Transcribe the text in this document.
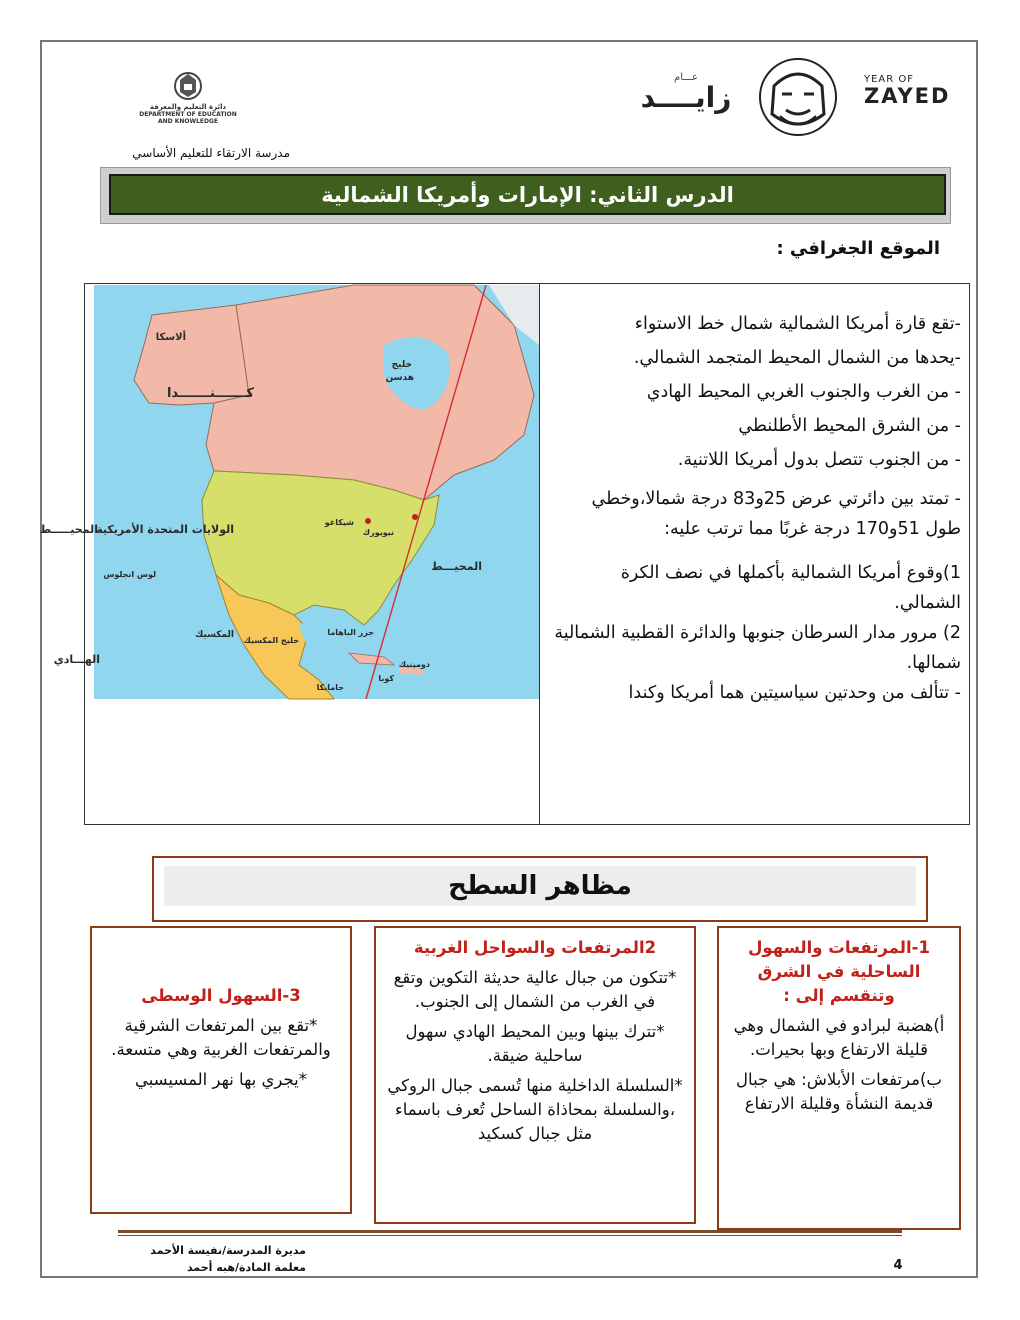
دائرة التعليم والمعرفة
DEPARTMENT OF EDUCATION
AND KNOWLEDGE
YEAR OF
ZAYED
عـــام
زايــــد
مدرسة الارتقاء للتعليم الأساسي
الدرس الثاني: الإمارات وأمريكا الشمالية
الموقع الجغرافي :
ألاسكا
خليج
هدسن
كـــــــنـــــــدا
الولايات المتحدة الأمريكية
شيكاغو
نيويورك
المحيـــــط
الهـــادي
المحيـــط
لوس انجلوس
المكسيك
خليج المكسيك
جزر الباهاما
كوبا
جامايكا
دومينيك

-تقع قارة أمريكا الشمالية شمال خط الاستواء

-يحدها من الشمال المحيط المتجمد الشمالي.

- من الغرب والجنوب الغربي المحيط الهادي

- من الشرق المحيط الأطلنطي

- من الجنوب تتصل بدول أمريكا اللاتنية.

- تمتد بين دائرتي عرض 25و83 درجة شمالا،وخطي طول 51و170 درجة غربًا مما ترتب عليه:

1)وقوع أمريكا الشمالية بأكملها في نصف الكرة الشمالي.

2) مرور مدار السرطان جنوبها والدائرة القطبية الشمالية شمالها.

- تتألف من وحدتين سياسيتين هما أمريكا وكندا

مظاهر السطح

1-المرتفعات والسهول الساحلية في الشرق وتنقسم إلى :

أ)هضبة لبرادو في الشمال وهي قليلة الارتفاع وبها بحيرات.

ب)مرتفعات الأبلاش: هي جبال قديمة النشأة وقليلة الارتفاع

2المرتفعات والسواحل الغربية

*تتكون من جبال عالية حديثة التكوين وتقع في الغرب من الشمال إلى الجنوب.

*تترك بينها وبين المحيط الهادي سهول ساحلية ضيقة.

*السلسلة الداخلية منها تُسمى جبال الروكي ،والسلسلة بمحاذاة الساحل تُعرف باسماء مثل جبال كسكيد

3-السهول الوسطى

*تقع بين المرتفعات الشرقية والمرتفعات الغربية وهي متسعة.

*يجري بها نهر المسيسبي

مديرة المدرسة/نفيسة الأحمد
معلمة المادة/هبه أحمد	4
